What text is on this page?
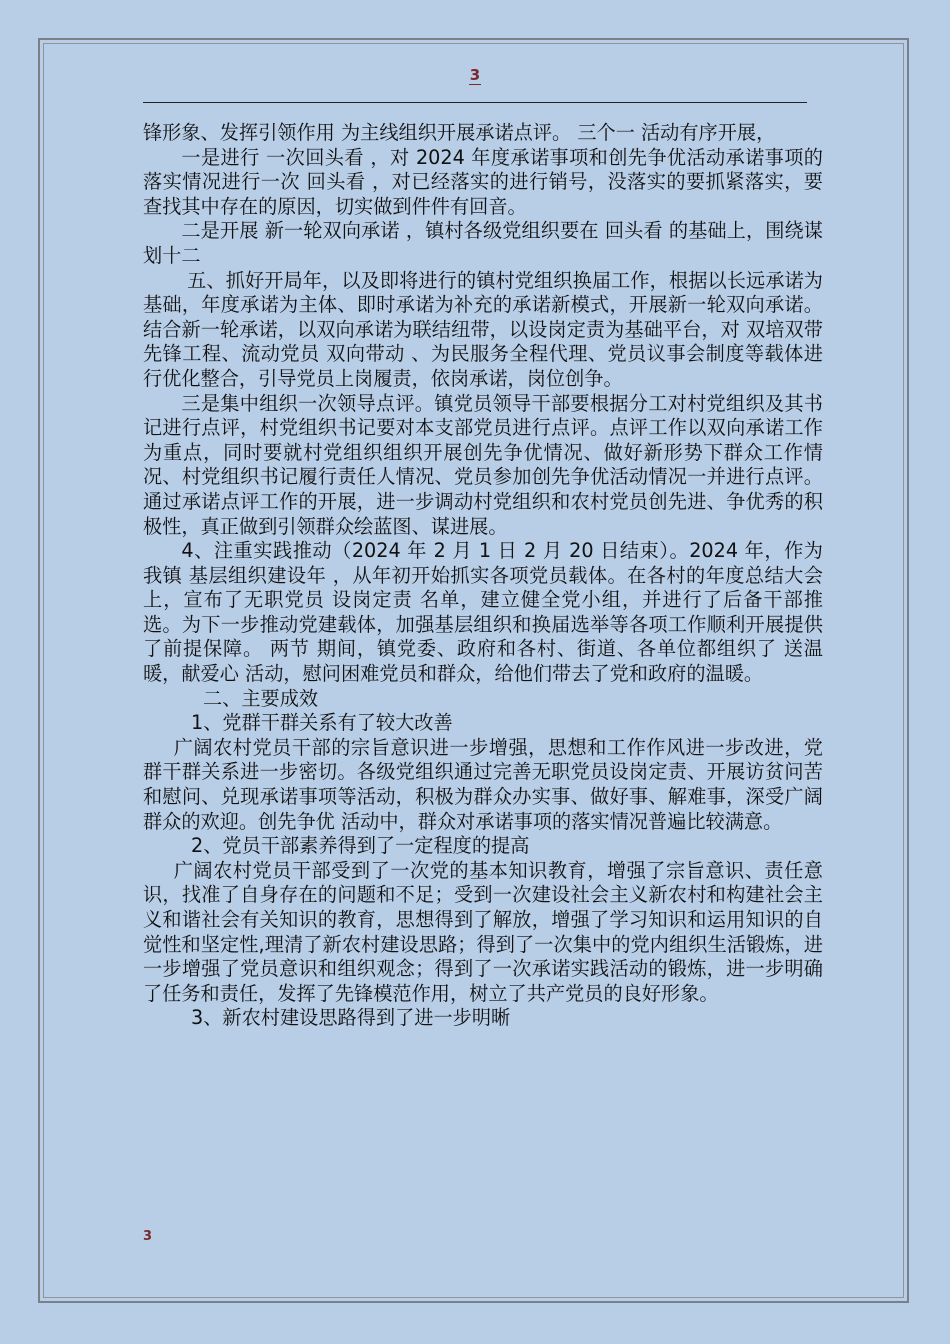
3

锋形象、发挥引领作用 为主线组织开展承诺点评。 三个一 活动有序开展，

一是进行 一次回头看 ，对 2024 年度承诺事项和创先争优活动承诺事项的落实情况进行一次 回头看 ，对已经落实的进行销号，没落实的要抓紧落实，要查找其中存在的原因，切实做到件件有回音。

二是开展 新一轮双向承诺 ，镇村各级党组织要在 回头看 的基础上，围绕谋划十二

五、抓好开局年，以及即将进行的镇村党组织换届工作，根据以长远承诺为基础，年度承诺为主体、即时承诺为补充的承诺新模式，开展新一轮双向承诺。结合新一轮承诺，以双向承诺为联结纽带，以设岗定责为基础平台，对 双培双带 先锋工程、流动党员 双向带动 、为民服务全程代理、党员议事会制度等载体进行优化整合，引导党员上岗履责，依岗承诺，岗位创争。

三是集中组织一次领导点评。镇党员领导干部要根据分工对村党组织及其书记进行点评，村党组织书记要对本支部党员进行点评。点评工作以双向承诺工作为重点，同时要就村党组织组织开展创先争优情况、做好新形势下群众工作情况、村党组织书记履行责任人情况、党员参加创先争优活动情况一并进行点评。通过承诺点评工作的开展，进一步调动村党组织和农村党员创先进、争优秀的积极性，真正做到引领群众绘蓝图、谋进展。

4、注重实践推动（2024 年 2 月 1 日 2 月 20 日结束）。2024 年，作为我镇 基层组织建设年 ，从年初开始抓实各项党员载体。在各村的年度总结大会上，宣布了无职党员 设岗定责 名单，建立健全党小组，并进行了后备干部推选。为下一步推动党建载体，加强基层组织和换届选举等各项工作顺利开展提供了前提保障。 两节 期间，镇党委、政府和各村、街道、各单位都组织了 送温暖，献爱心 活动，慰问困难党员和群众，给他们带去了党和政府的温暖。

二、主要成效

1、党群干群关系有了较大改善

广阔农村党员干部的宗旨意识进一步增强，思想和工作作风进一步改进，党群干群关系进一步密切。各级党组织通过完善无职党员设岗定责、开展访贫问苦和慰问、兑现承诺事项等活动，积极为群众办实事、做好事、解难事，深受广阔群众的欢迎。创先争优 活动中，群众对承诺事项的落实情况普遍比较满意。

2、党员干部素养得到了一定程度的提高

广阔农村党员干部受到了一次党的基本知识教育，增强了宗旨意识、责任意识，找准了自身存在的问题和不足；受到一次建设社会主义新农村和构建社会主义和谐社会有关知识的教育，思想得到了解放，增强了学习知识和运用知识的自觉性和坚定性,理清了新农村建设思路；得到了一次集中的党内组织生活锻炼，进一步增强了党员意识和组织观念；得到了一次承诺实践活动的锻炼，进一步明确了任务和责任，发挥了先锋模范作用，树立了共产党员的良好形象。

3、新农村建设思路得到了进一步明晰

3
